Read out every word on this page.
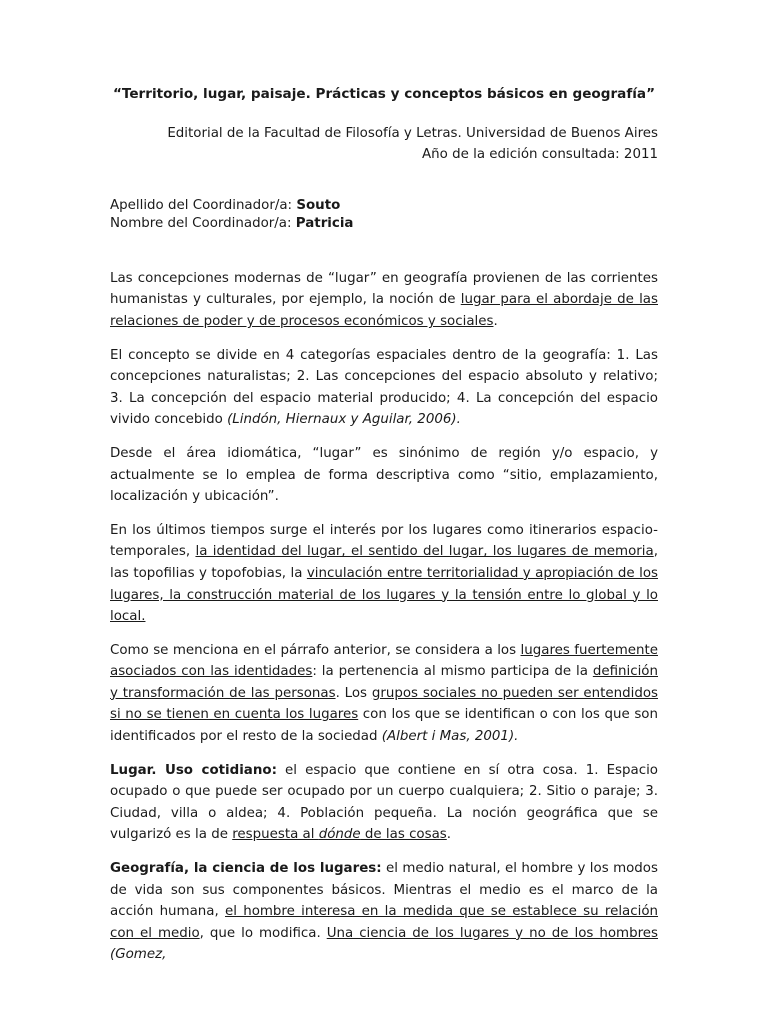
“Territorio, lugar, paisaje. Prácticas y conceptos básicos en geografía”

Editorial de la Facultad de Filosofía y Letras. Universidad de Buenos Aires

Año de la edición consultada: 2011

Apellido del Coordinador/a: Souto

Nombre del Coordinador/a: Patricia

Las concepciones modernas de “lugar” en geografía provienen de las corrientes humanistas y culturales, por ejemplo, la noción de lugar para el abordaje de las relaciones de poder y de procesos económicos y sociales.

El concepto se divide en 4 categorías espaciales dentro de la geografía: 1. Las concepciones naturalistas; 2. Las concepciones del espacio absoluto y relativo; 3. La concepción del espacio material producido; 4. La concepción del espacio vivido concebido (Lindón, Hiernaux y Aguilar, 2006).

Desde el área idiomática, “lugar” es sinónimo de región y/o espacio, y actualmente se lo emplea de forma descriptiva como “sitio, emplazamiento, localización y ubicación”.

En los últimos tiempos surge el interés por los lugares como itinerarios espacio-temporales, la identidad del lugar, el sentido del lugar, los lugares de memoria, las topofilias y topofobias, la vinculación entre territorialidad y apropiación de los lugares, la construcción material de los lugares y la tensión entre lo global y lo local.

Como se menciona en el párrafo anterior, se considera a los lugares fuertemente asociados con las identidades: la pertenencia al mismo participa de la definición y transformación de las personas. Los grupos sociales no pueden ser entendidos si no se tienen en cuenta los lugares con los que se identifican o con los que son identificados por el resto de la sociedad (Albert i Mas, 2001).

Lugar. Uso cotidiano: el espacio que contiene en sí otra cosa. 1. Espacio ocupado o que puede ser ocupado por un cuerpo cualquiera; 2. Sitio o paraje; 3. Ciudad, villa o aldea; 4. Población pequeña. La noción geográfica que se vulgarizó es la de respuesta al dónde de las cosas.

Geografía, la ciencia de los lugares: el medio natural, el hombre y los modos de vida son sus componentes básicos. Mientras el medio es el marco de la acción humana, el hombre interesa en la medida que se establece su relación con el medio, que lo modifica. Una ciencia de los lugares y no de los hombres (Gomez,
